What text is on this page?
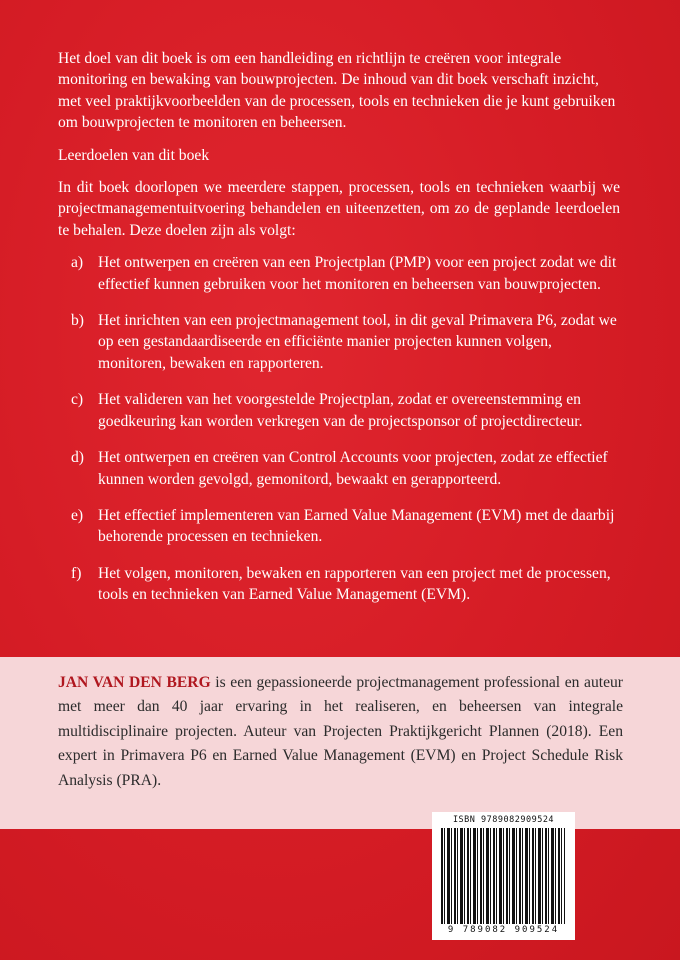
Het doel van dit boek is om een handleiding en richtlijn te creëren voor integrale monitoring en bewaking van bouwprojecten. De inhoud van dit boek verschaft inzicht, met veel praktijkvoorbeelden van de processen, tools en technieken die je kunt gebruiken om bouwprojecten te monitoren en beheersen.

Leerdoelen van dit boek

In dit boek doorlopen we meerdere stappen, processen, tools en technieken waarbij we projectmanagementuitvoering behandelen en uiteenzetten, om zo de geplande leerdoelen te behalen. Deze doelen zijn als volgt:

a) Het ontwerpen en creëren van een Projectplan (PMP) voor een project zodat we dit effectief kunnen gebruiken voor het monitoren en beheersen van bouwprojecten.
b) Het inrichten van een projectmanagement tool, in dit geval Primavera P6, zodat we op een gestandaardiseerde en efficiënte manier projecten kunnen volgen, monitoren, bewaken en rapporteren.
c) Het valideren van het voorgestelde Projectplan, zodat er overeenstemming en goedkeuring kan worden verkregen van de projectsponsor of projectdirecteur.
d) Het ontwerpen en creëren van Control Accounts voor projecten, zodat ze effectief kunnen worden gevolgd, gemonitord, bewaakt en gerapporteerd.
e) Het effectief implementeren van Earned Value Management (EVM) met de daarbij behorende processen en technieken.
f)	Het volgen, monitoren, bewaken en rapporteren van een project met de processen, tools en technieken van Earned Value Management (EVM).
JAN VAN DEN BERG is een gepassioneerde projectmanagement professional en auteur met meer dan 40 jaar ervaring in het realiseren, en beheersen van integrale multidisciplinaire projecten. Auteur van Projecten Praktijkgericht Plannen (2018). Een expert in Primavera P6 en Earned Value Management (EVM) en Project Schedule Risk Analysis (PRA).
ISBN 9789082909524
9 789082 909524
